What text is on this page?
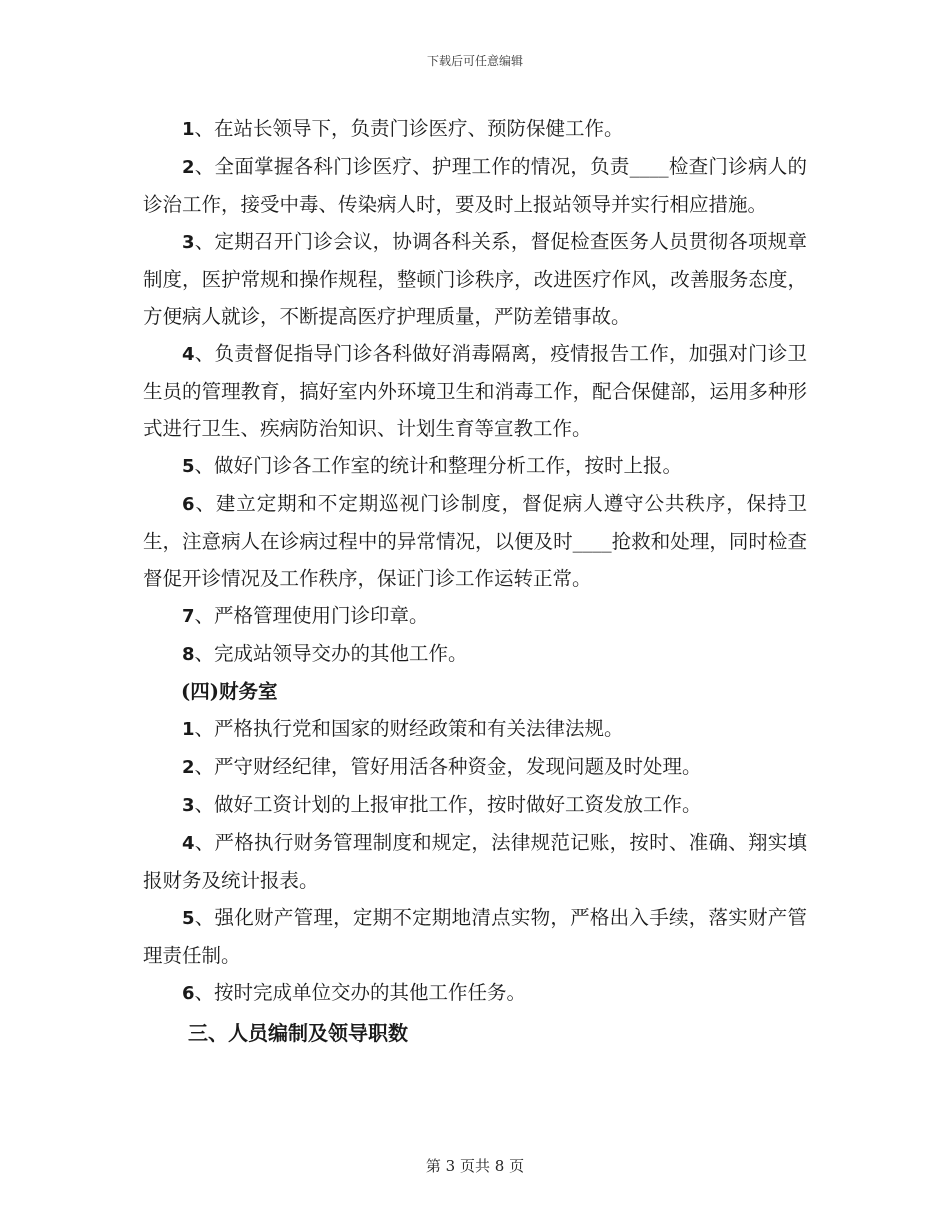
下载后可任意编辑

1、在站长领导下，负责门诊医疗、预防保健工作。

2、全面掌握各科门诊医疗、护理工作的情况，负责____检查门诊病人的诊治工作，接受中毒、传染病人时，要及时上报站领导并实行相应措施。

3、定期召开门诊会议，协调各科关系，督促检查医务人员贯彻各项规章制度，医护常规和操作规程，整顿门诊秩序，改进医疗作风，改善服务态度，方便病人就诊，不断提高医疗护理质量，严防差错事故。

4、负责督促指导门诊各科做好消毒隔离，疫情报告工作，加强对门诊卫生员的管理教育，搞好室内外环境卫生和消毒工作，配合保健部，运用多种形式进行卫生、疾病防治知识、计划生育等宣教工作。

5、做好门诊各工作室的统计和整理分析工作，按时上报。

6、建立定期和不定期巡视门诊制度，督促病人遵守公共秩序，保持卫生，注意病人在诊病过程中的异常情况，以便及时____抢救和处理，同时检查督促开诊情况及工作秩序，保证门诊工作运转正常。

7、严格管理使用门诊印章。

8、完成站领导交办的其他工作。

(四)财务室

1、严格执行党和国家的财经政策和有关法律法规。

2、严守财经纪律，管好用活各种资金，发现问题及时处理。

3、做好工资计划的上报审批工作，按时做好工资发放工作。

4、严格执行财务管理制度和规定，法律规范记账，按时、准确、翔实填报财务及统计报表。

5、强化财产管理，定期不定期地清点实物，严格出入手续，落实财产管理责任制。

6、按时完成单位交办的其他工作任务。

三、人员编制及领导职数

第 3 页共 8 页
